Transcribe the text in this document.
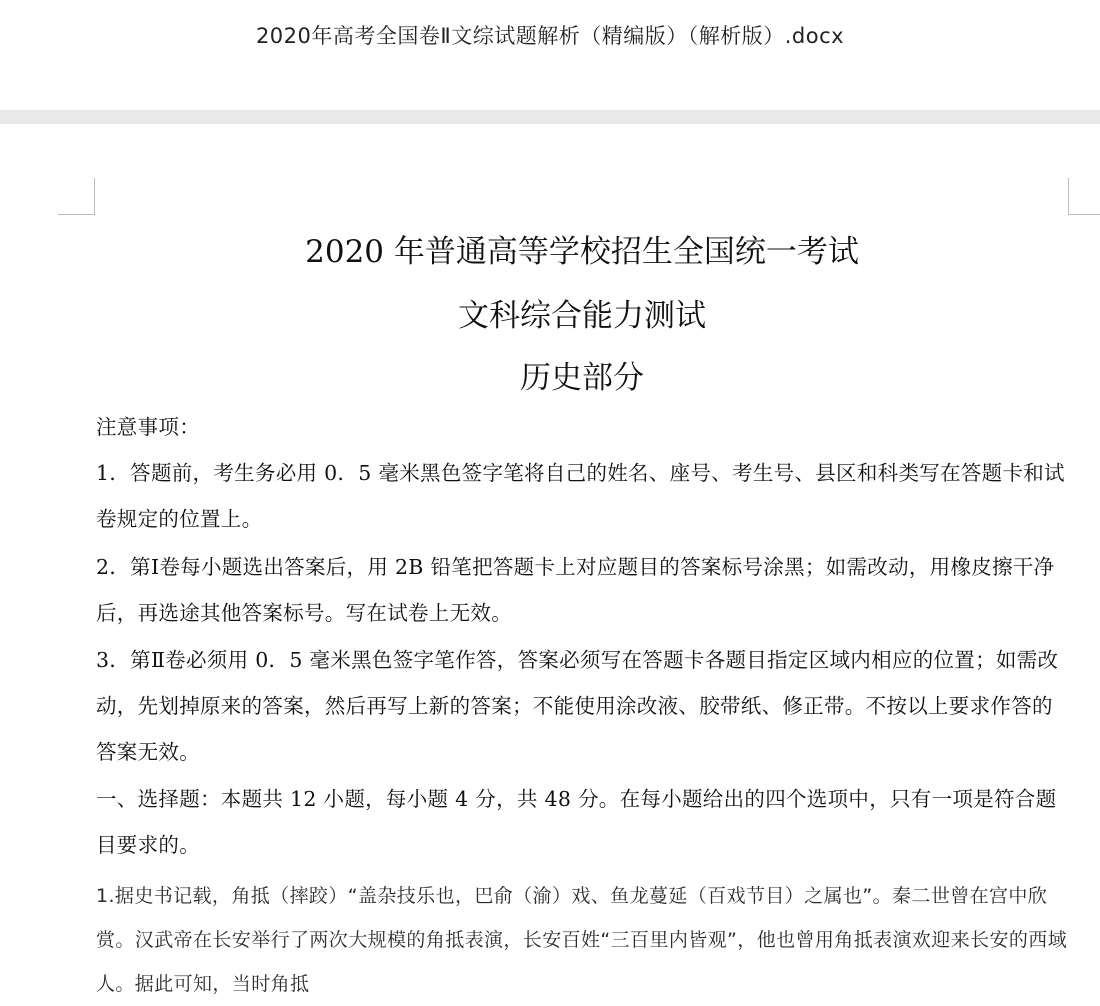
2020年高考全国卷Ⅱ文综试题解析（精编版）（解析版）.docx
2020 年普通高等学校招生全国统一考试
文科综合能力测试
历史部分

注意事项：

1．答题前，考生务必用 0．5 毫米黑色签字笔将自己的姓名、座号、考生号、县区和科类写在答题卡和试卷规定的位置上。

2．第Ⅰ卷每小题选出答案后，用 2B 铅笔把答题卡上对应题目的答案标号涂黑；如需改动，用橡皮擦干净后，再选途其他答案标号。写在试卷上无效。

3．第Ⅱ卷必须用 0．5 毫米黑色签字笔作答，答案必须写在答题卡各题目指定区域内相应的位置；如需改动，先划掉原来的答案，然后再写上新的答案；不能使用涂改液、胶带纸、修正带。不按以上要求作答的答案无效。

一、选择题：本题共 12 小题，每小题 4 分，共 48 分。在每小题给出的四个选项中，只有一项是符合题目要求的。

1.据史书记载，角抵（摔跤）“盖杂技乐也，巴俞（渝）戏、鱼龙蔓延（百戏节目）之属也”。秦二世曾在宫中欣赏。汉武帝在长安举行了两次大规模的角抵表演，长安百姓“三百里内皆观”，他也曾用角抵表演欢迎来长安的西域人。据此可知，当时角抵
